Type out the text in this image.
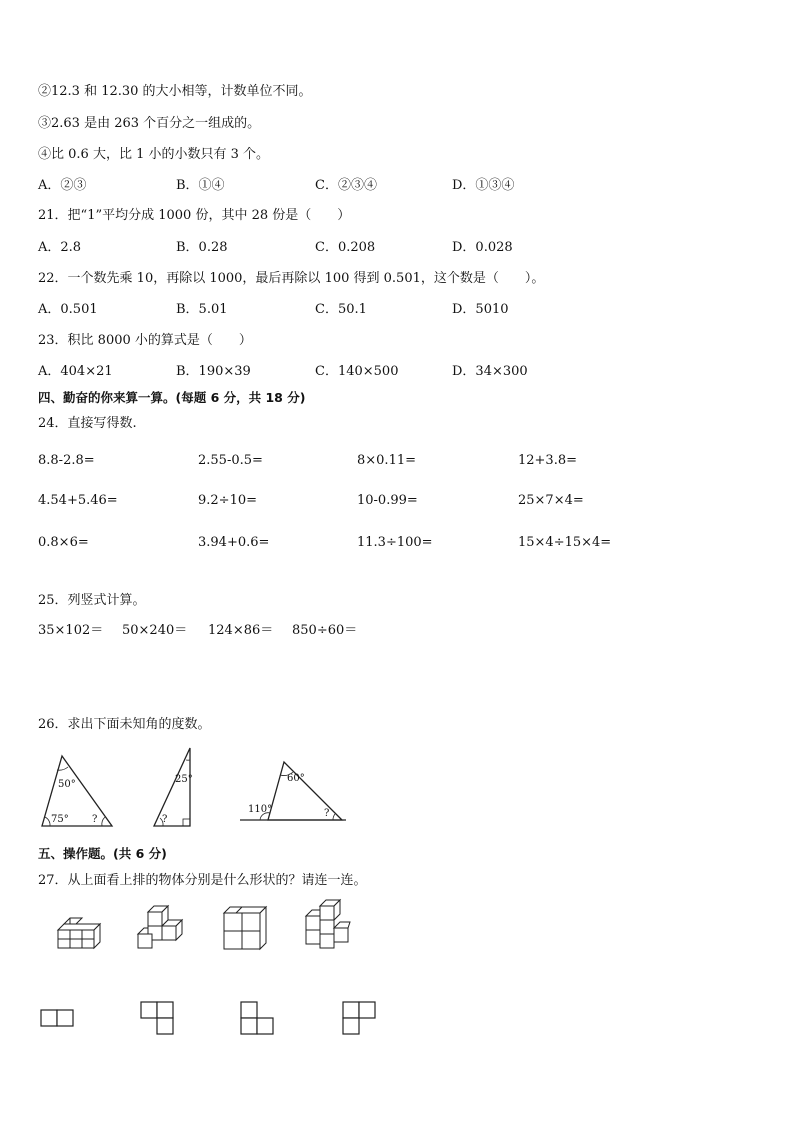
②12.3 和 12.30 的大小相等，计数单位不同。
③2.63 是由 263 个百分之一组成的。
④比 0.6 大，比 1 小的小数只有 3 个。
A．②③	B．①④	C．②③④	D．①③④
21．把“1”平均分成 1000 份，其中 28 份是（　　）
A．2.8	B．0.28	C．0.208	D．0.028
22．一个数先乘 10，再除以 1000，最后再除以 100 得到 0.501，这个数是（　　）。
A．0.501	B．5.01	C．50.1	D．5010
23．积比 8000 小的算式是（　　）
A．404×21	B．190×39	C．140×500	D．34×300
四、勤奋的你来算一算。(每题 6 分，共 18 分)
24．直接写得数.
8.8-2.8=	2.55-0.5=	8×0.11=	12+3.8=
4.54+5.46=	9.2÷10=	10-0.99=	25×7×4=
0.8×6=	3.94+0.6=	11.3÷100=	15×4÷15×4=
25．列竖式计算。
35×102＝ 50×240＝ 124×86＝ 850÷60＝
26．求出下面未知角的度数。
50°
75° ?
25°
?
60°
110°	?
五、操作题。(共 6 分)
27．从上面看上排的物体分别是什么形状的？请连一连。
